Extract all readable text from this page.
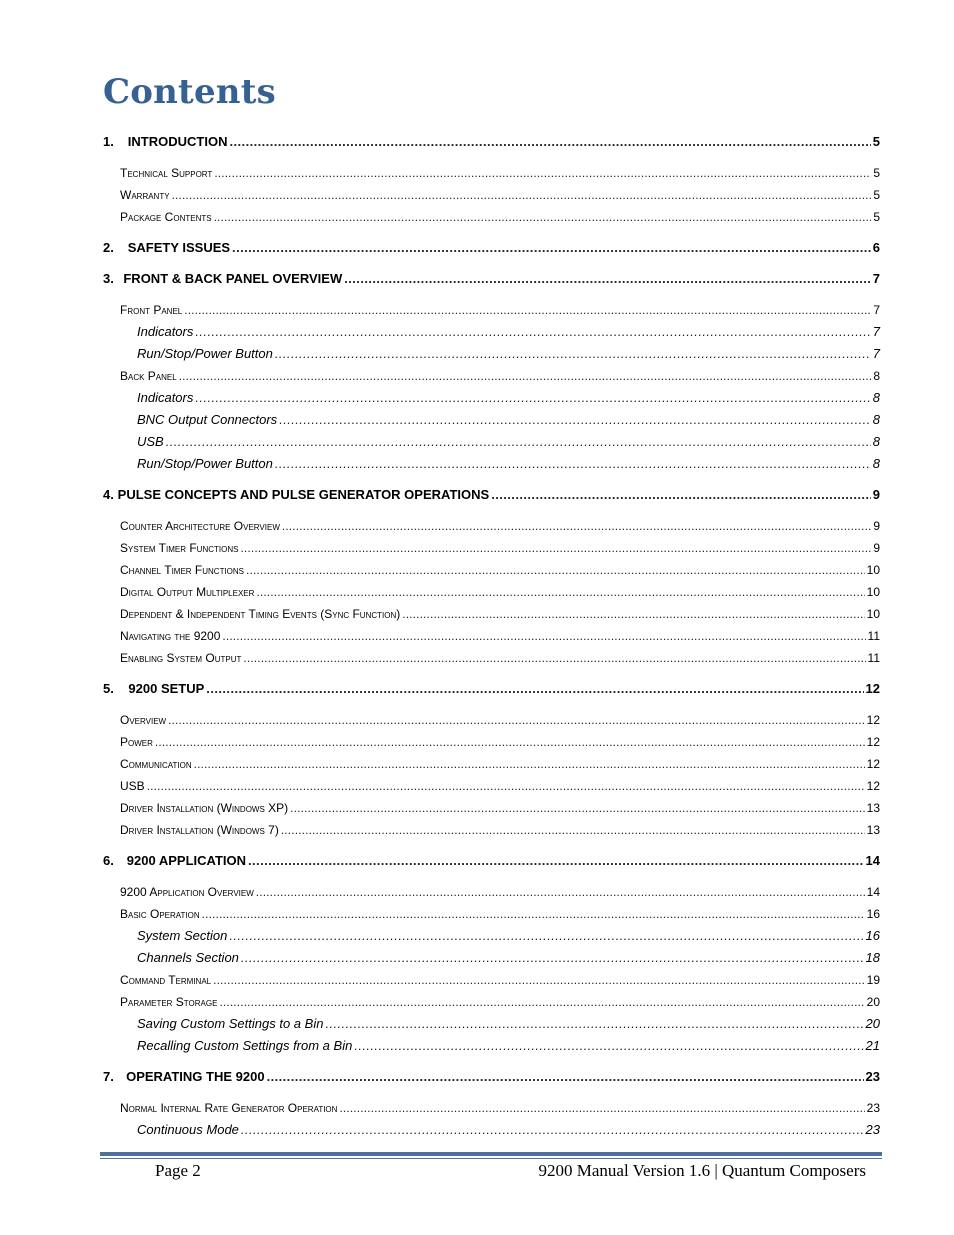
Contents
1.	INTRODUCTION . . .	5
Technical Support . . .	5
Warranty . . .	5
Package Contents . . .	5
2.	SAFETY ISSUES . . .	6
3. FRONT & BACK PANEL OVERVIEW . . .	7
Front Panel . . .	7
Indicators . . .	7
Run/Stop/Power Button . . .	7
Back Panel . . .	8
Indicators . . .	8
BNC Output Connectors . . .	8
USB . . .	8
Run/Stop/Power Button . . .	8
4. PULSE CONCEPTS AND PULSE GENERATOR OPERATIONS . . .	9
Counter Architecture Overview . . .	9
System Timer Functions . . .	9
Channel Timer Functions . . .	10
Digital Output Multiplexer . . .	10
Dependent & Independent Timing Events (Sync Function) . . .	10
Navigating the 9200 . . .	11
Enabling System Output . . .	11
5.	9200 SETUP . . .	12
Overview . . .	12
Power . . .	12
Communication . . .	12
USB . . .	12
Driver Installation (Windows XP) . . .	13
Driver Installation (Windows 7) . . .	13
6. 9200 APPLICATION . . .	14
9200 Application Overview . . .	14
Basic Operation . . .	16
System Section . . .	16
Channels Section . . .	18
Command Terminal . . .	19
Parameter Storage . . .	20
Saving Custom Settings to a Bin . . .	20
Recalling Custom Settings from a Bin . . .	21
7. OPERATING THE 9200 . . .	23
Normal Internal Rate Generator Operation . . .	23
Continuous Mode . . .	23
Page 2	9200 Manual Version 1.6 | Quantum Composers
